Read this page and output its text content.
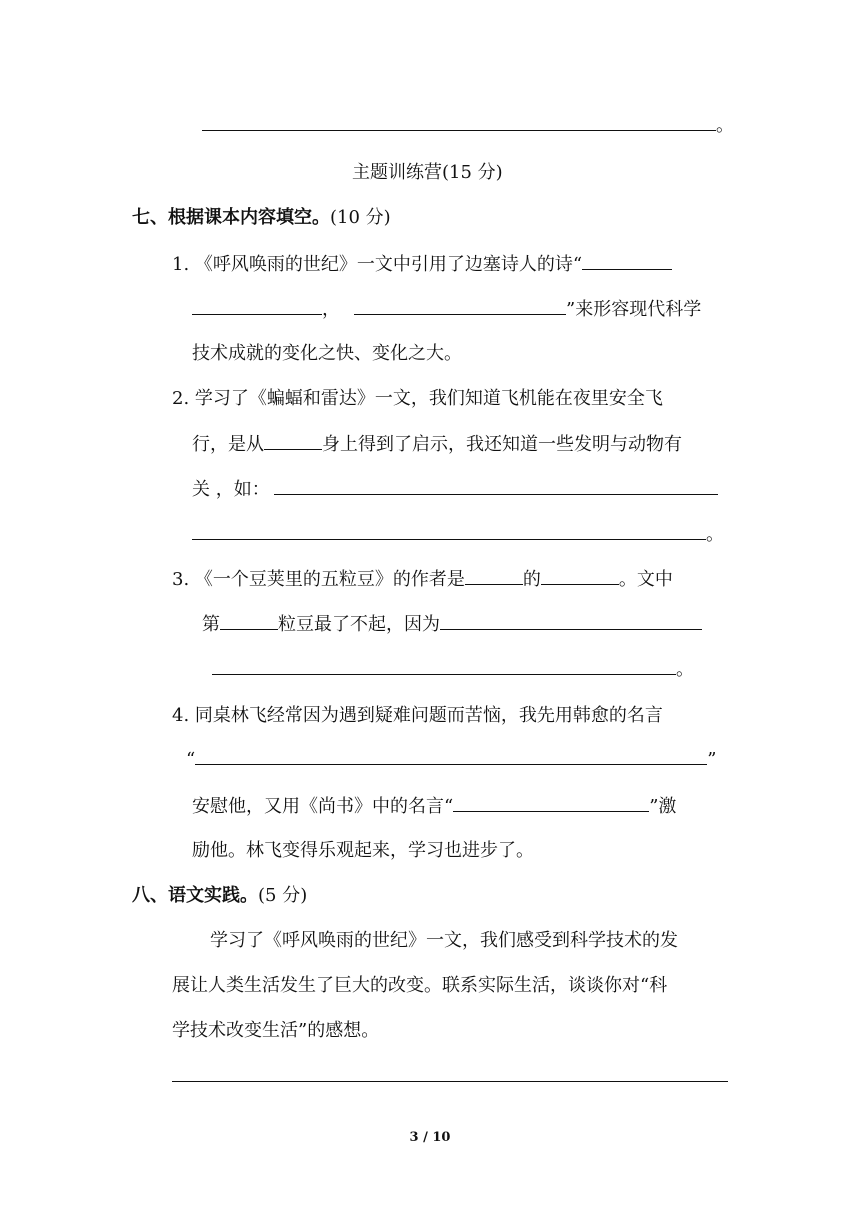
。
主题训练营(15 分)
七、根据课本内容填空。(10 分)
1. 《呼风唤雨的世纪》一文中引用了边塞诗人的诗“
，	”来形容现代科学
技术成就的变化之快、变化之大。
2. 学习了《蝙蝠和雷达》一文，我们知道飞机能在夜里安全飞
行，是从	身上得到了启示，我还知道一些发明与动物有
关 ，如：
。
3. 《一个豆荚里的五粒豆》的作者是	的	。文中
第	粒豆最了不起，因为
。
4. 同桌林飞经常因为遇到疑难问题而苦恼，我先用韩愈的名言
“	”
安慰他，又用《尚书》中的名言“	”激
励他。林飞变得乐观起来，学习也进步了。
八、语文实践。(5 分)
学习了《呼风唤雨的世纪》一文，我们感受到科学技术的发
展让人类生活发生了巨大的改变。联系实际生活，谈谈你对“科
学技术改变生活”的感想。
3 / 10
